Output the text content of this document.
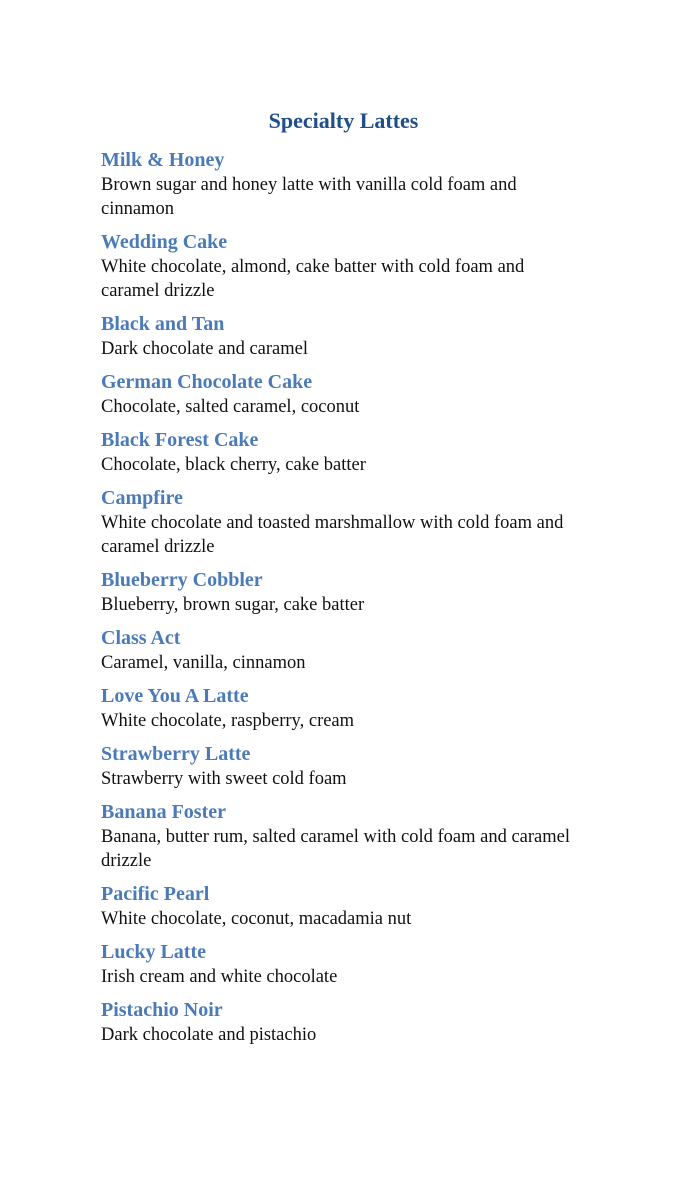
Specialty Lattes
Milk & Honey
Brown sugar and honey latte with vanilla cold foam and cinnamon
Wedding Cake
White chocolate, almond, cake batter with cold foam and caramel drizzle
Black and Tan
Dark chocolate and caramel
German Chocolate Cake
Chocolate, salted caramel, coconut
Black Forest Cake
Chocolate, black cherry, cake batter
Campfire
White chocolate and toasted marshmallow with cold foam and caramel drizzle
Blueberry Cobbler
Blueberry, brown sugar, cake batter
Class Act
Caramel, vanilla, cinnamon
Love You A Latte
White chocolate, raspberry, cream
Strawberry Latte
Strawberry with sweet cold foam
Banana Foster
Banana, butter rum, salted caramel with cold foam and caramel drizzle
Pacific Pearl
White chocolate, coconut, macadamia nut
Lucky Latte
Irish cream and white chocolate
Pistachio Noir
Dark chocolate and pistachio
